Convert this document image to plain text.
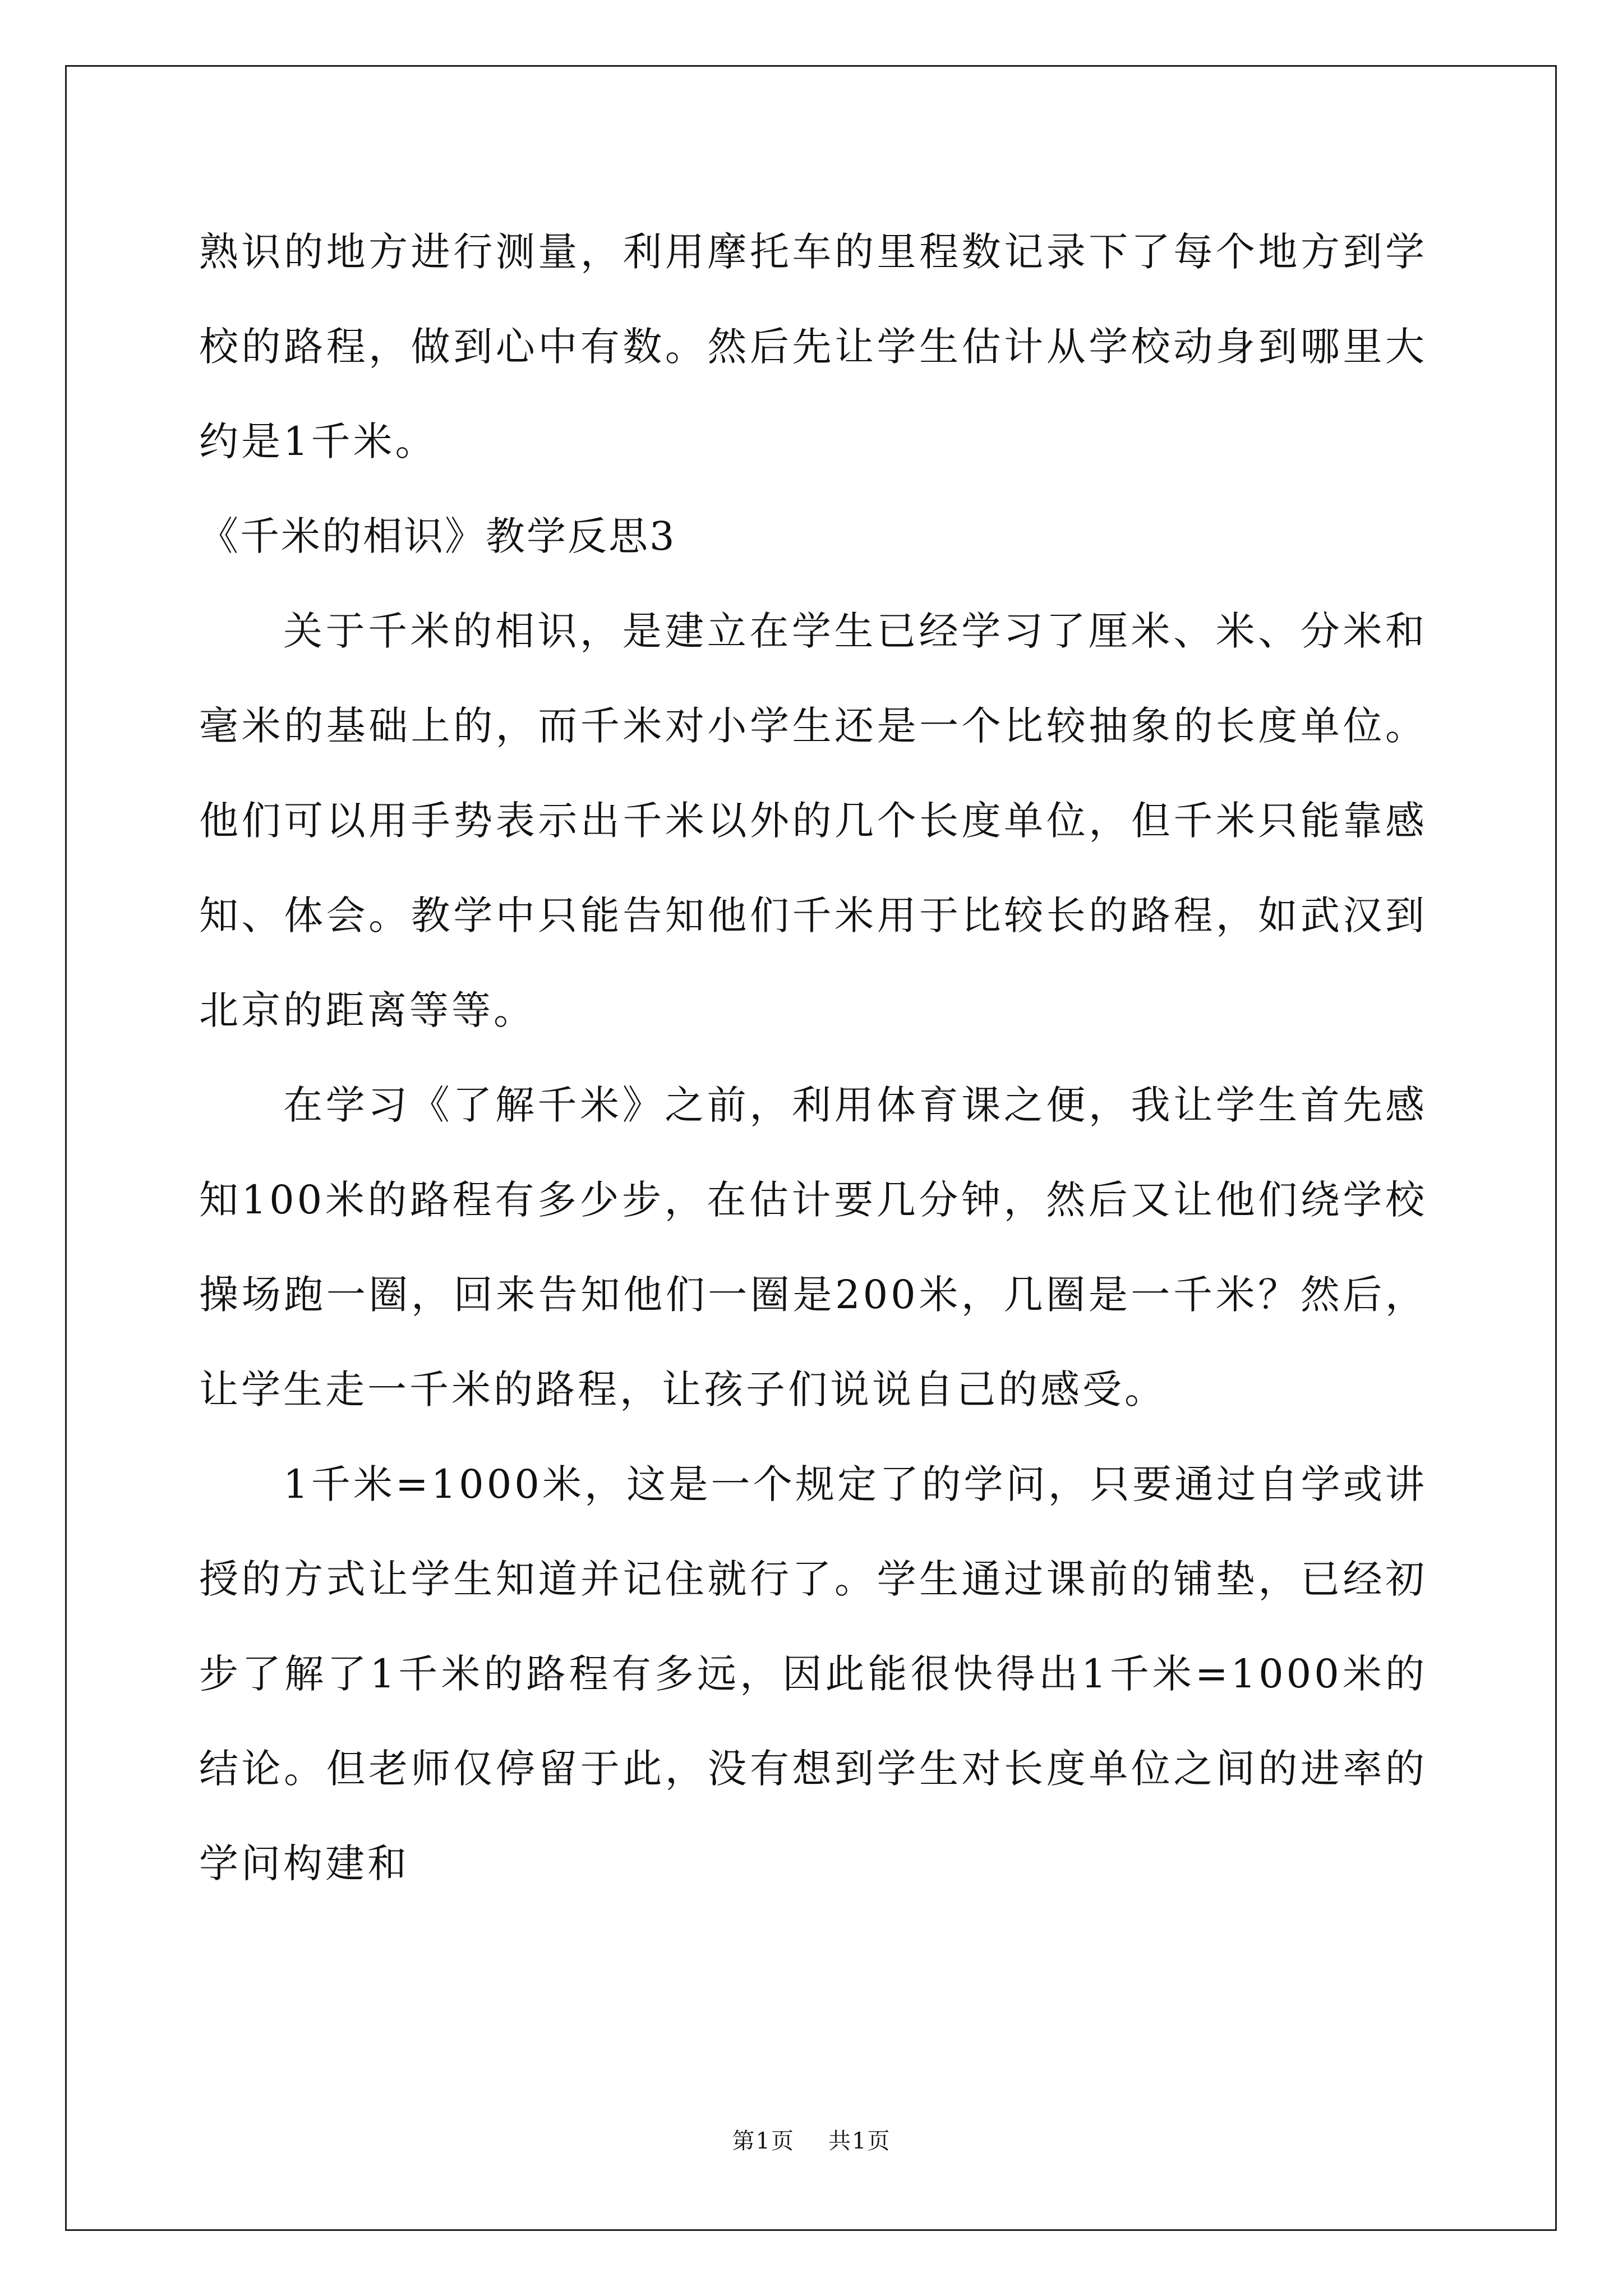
熟识的地方进行测量，利用摩托车的里程数记录下了每个地方到学校的路程，做到心中有数。然后先让学生估计从学校动身到哪里大约是1千米。

《千米的相识》教学反思3

关于千米的相识，是建立在学生已经学习了厘米、米、分米和毫米的基础上的，而千米对小学生还是一个比较抽象的长度单位。他们可以用手势表示出千米以外的几个长度单位，但千米只能靠感知、体会。教学中只能告知他们千米用于比较长的路程，如武汉到北京的距离等等。

在学习《了解千米》之前，利用体育课之便，我让学生首先感知100米的路程有多少步，在估计要几分钟，然后又让他们绕学校操场跑一圈，回来告知他们一圈是200米，几圈是一千米？然后，让学生走一千米的路程，让孩子们说说自己的感受。

1千米=1000米，这是一个规定了的学问，只要通过自学或讲授的方式让学生知道并记住就行了。学生通过课前的铺垫，已经初步了解了1千米的路程有多远，因此能很快得出1千米=1000米的结论。但老师仅停留于此，没有想到学生对长度单位之间的进率的学问构建和

第1页 共1页
